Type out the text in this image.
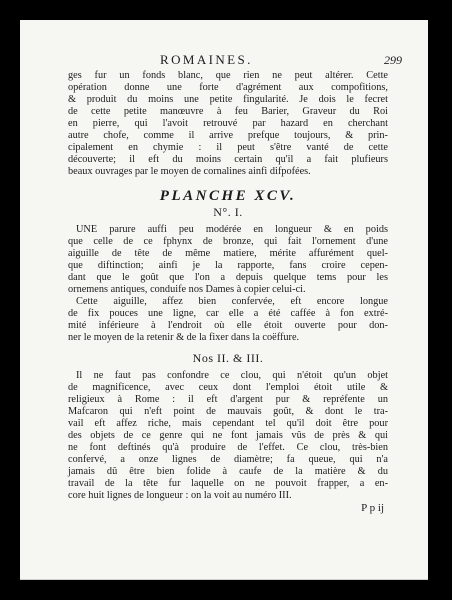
ROMAINES.	299

ges fur un fonds blanc, que rien ne peut altérer. Cette

opération donne une forte d'agrément aux compofitions,

& produit du moins une petite fingularité. Je dois le fecret

de cette petite manœuvre à feu Barier, Graveur du Roi

en pierre, qui l'avoit retrouvé par hazard en cherchant

autre chofe, comme il arrive prefque toujours, & prin-

cipalement en chymie : il peut s'être vanté de cette

découverte; il eft du moins certain qu'il a fait plufieurs

beaux ouvrages par le moyen de cornalines ainfi difpofées.

PLANCHE XCV.
N°. I.

UNE parure auffi peu modérée en longueur & en poids

que celle de ce fphynx de bronze, qui fait l'ornement d'une

aiguille de tête de même matiere, mérite affurément quel-

que diftinction; ainfi je la rapporte, fans croire cepen-

dant que le goût que l'on a depuis quelque tems pour les

ornemens antiques, conduife nos Dames à copier celui-ci.

Cette aiguille, affez bien confervée, eft encore longue

de fix pouces une ligne, car elle a été caffée à fon extré-

mité inférieure à l'endroit où elle étoit ouverte pour don-

ner le moyen de la retenir & de la fixer dans la coëffure.

Nos II. & III.

Il ne faut pas confondre ce clou, qui n'étoit qu'un objet

de magnificence, avec ceux dont l'emploi étoit utile &

religieux à Rome : il eft d'argent pur & repréfente un

Mafcaron qui n'eft point de mauvais goût, & dont le tra-

vail eft affez riche, mais cependant tel qu'il doit être pour

des objets de ce genre qui ne font jamais vûs de près & qui

ne font deftinés qu'à produire de l'effet. Ce clou, très-bien

confervé, a onze lignes de diamètre; fa queue, qui n'a

jamais dû être bien folide à caufe de la matière & du

travail de la tête fur laquelle on ne pouvoit frapper, a en-

core huit lignes de longueur : on la voit au numéro III.

P p ij
